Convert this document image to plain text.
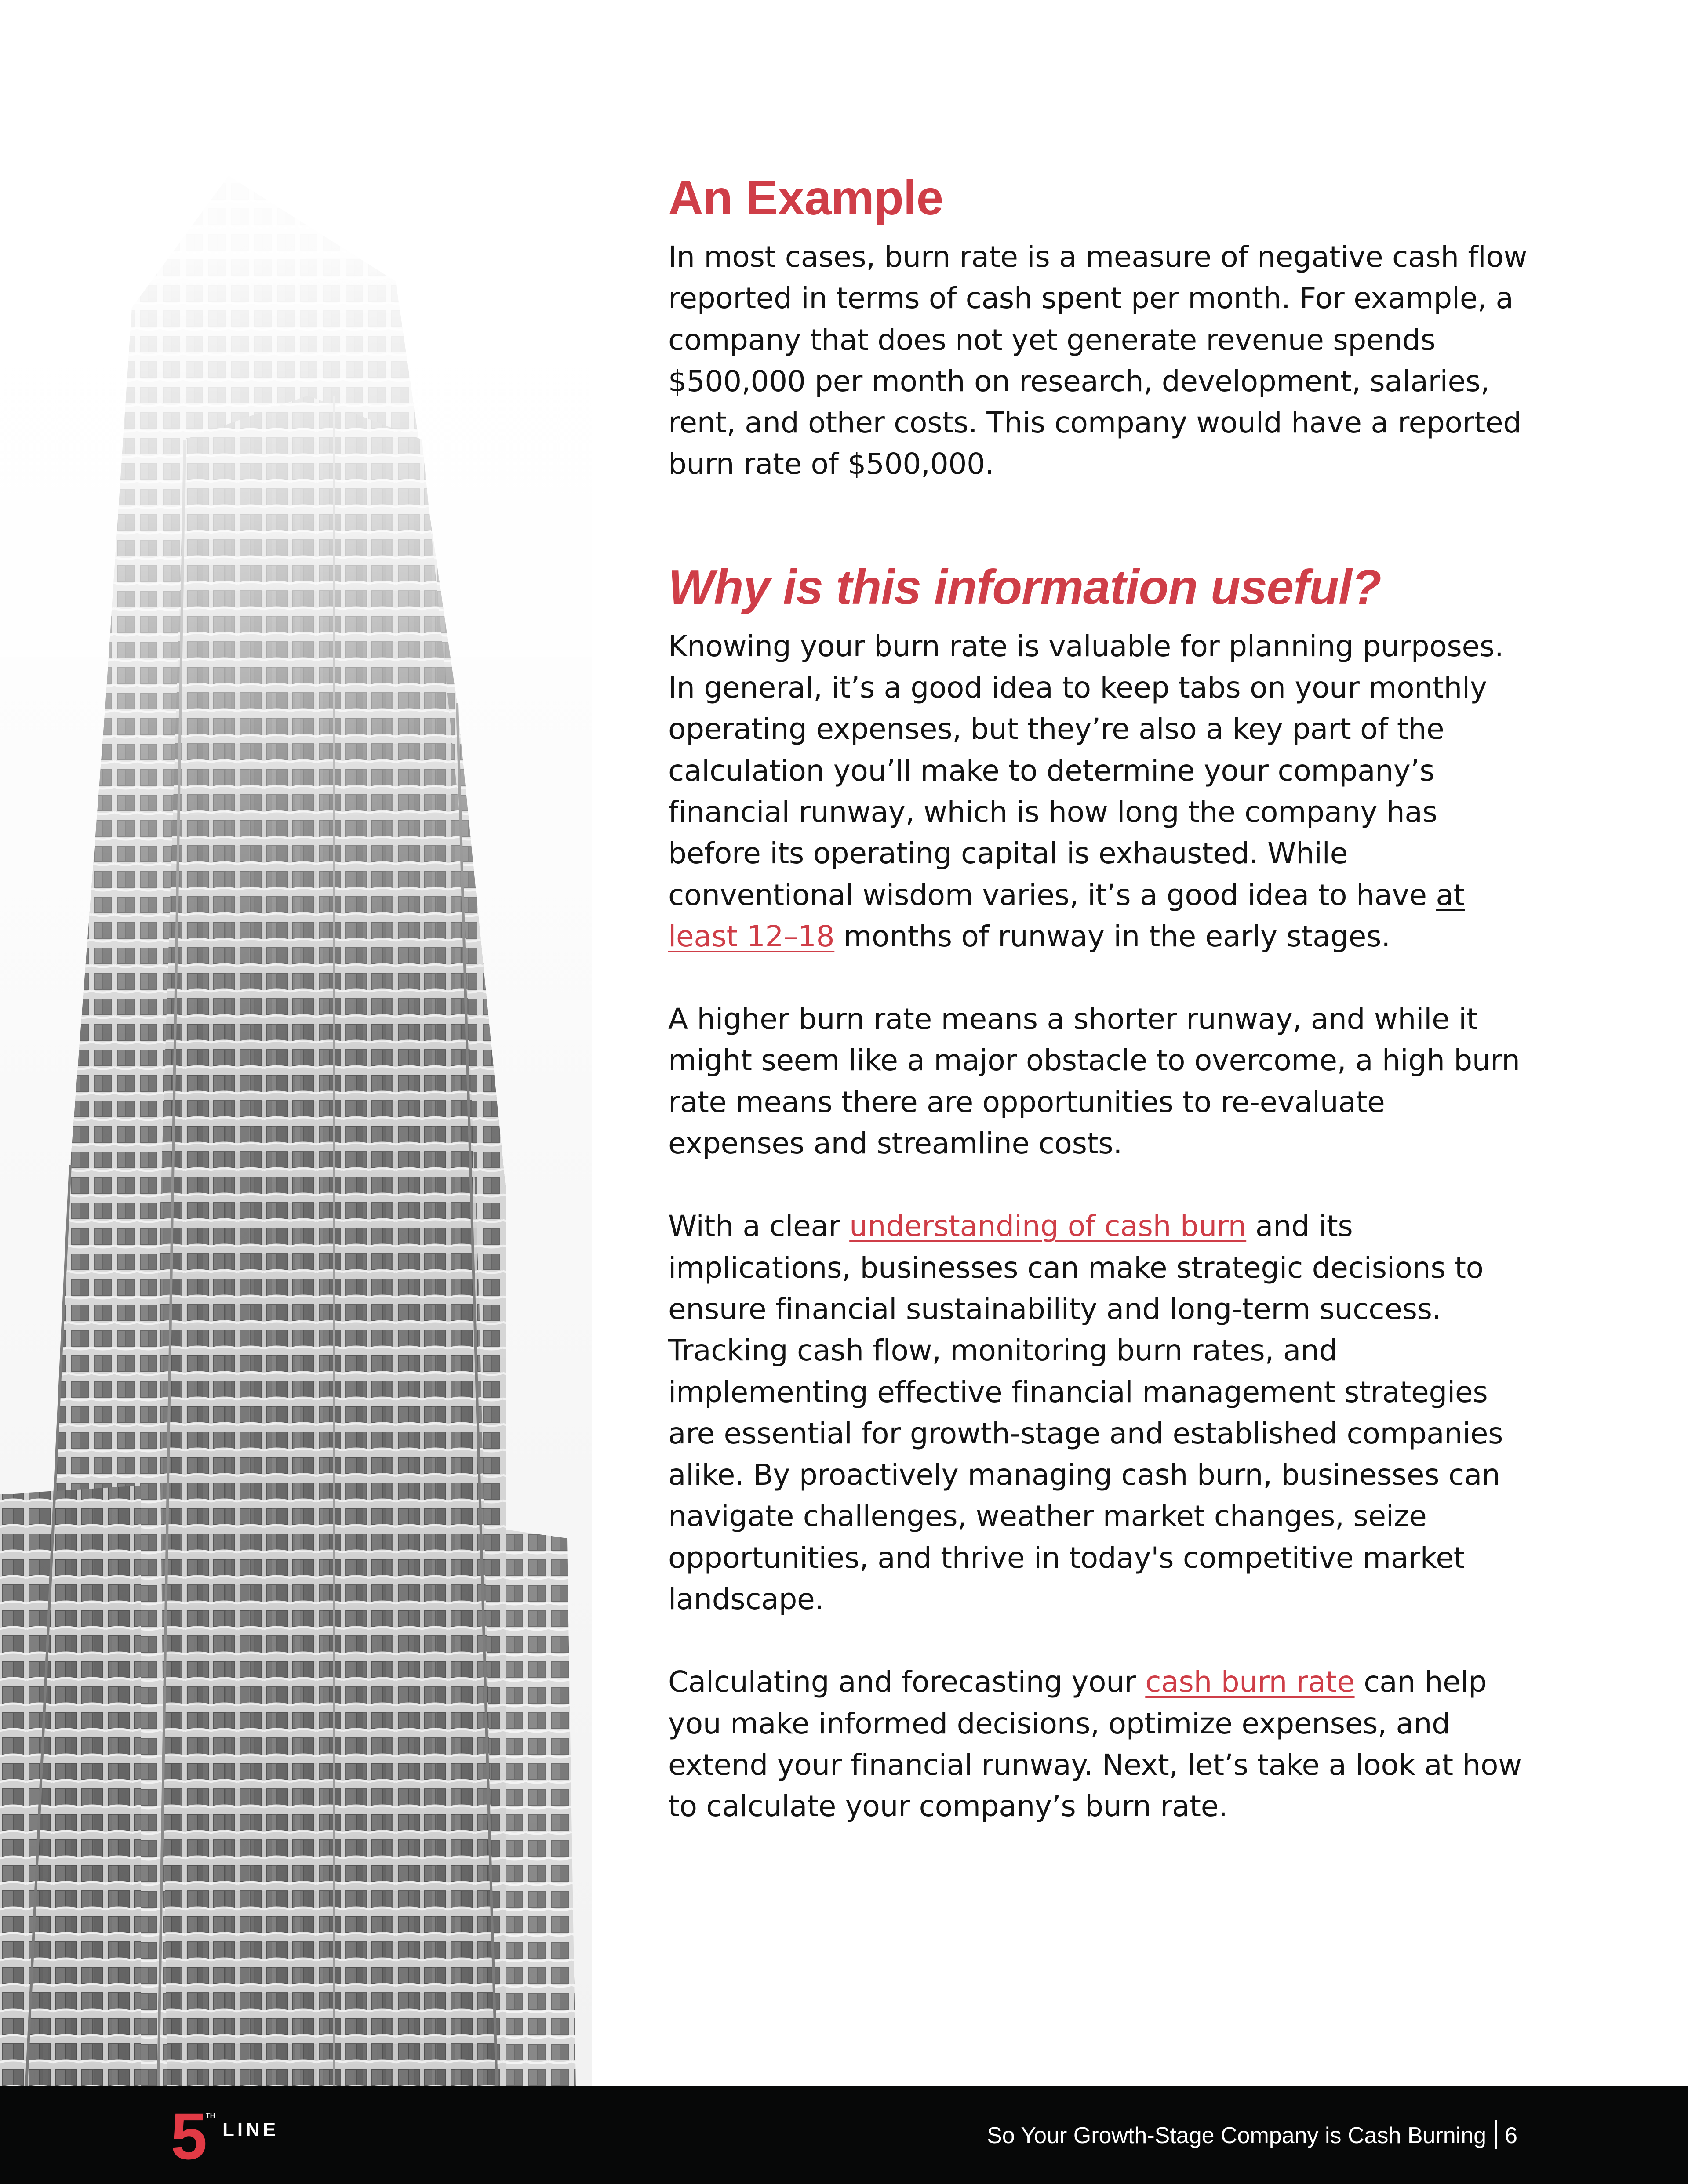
An Example

In most cases, burn rate is a measure of negative cash flow reported in terms of cash spent per month. For example, a company that does not yet generate revenue spends $500,000 per month on research, development, salaries, rent, and other costs. This company would have a reported burn rate of $500,000.

Why is this information useful?

Knowing your burn rate is valuable for planning purposes. In general, it’s a good idea to keep tabs on your monthly operating expenses, but they’re also a key part of the calculation you’ll make to determine your company’s financial runway, which is how long the company has before its operating capital is exhausted. While conventional wisdom varies, it’s a good idea to have at
least 12–18 months of runway in the early stages.

A higher burn rate means a shorter runway, and while it might seem like a major obstacle to overcome, a high burn rate means there are opportunities to re-evaluate expenses and streamline costs.

With a clear understanding of cash burn and its implications, businesses can make strategic decisions to ensure financial sustainability and long-term success. Tracking cash flow, monitoring burn rates, and implementing effective financial management strategies are essential for growth-stage and established companies alike. By proactively managing cash burn, businesses can navigate challenges, weather market changes, seize opportunities, and thrive in today's competitive market landscape.

Calculating and forecasting your cash burn rate can help you make informed decisions, optimize expenses, and extend your financial runway. Next, let’s take a look at how to calculate your company’s burn rate.

5
TH
LINE	So Your Growth-Stage Company is Cash Burning 6
